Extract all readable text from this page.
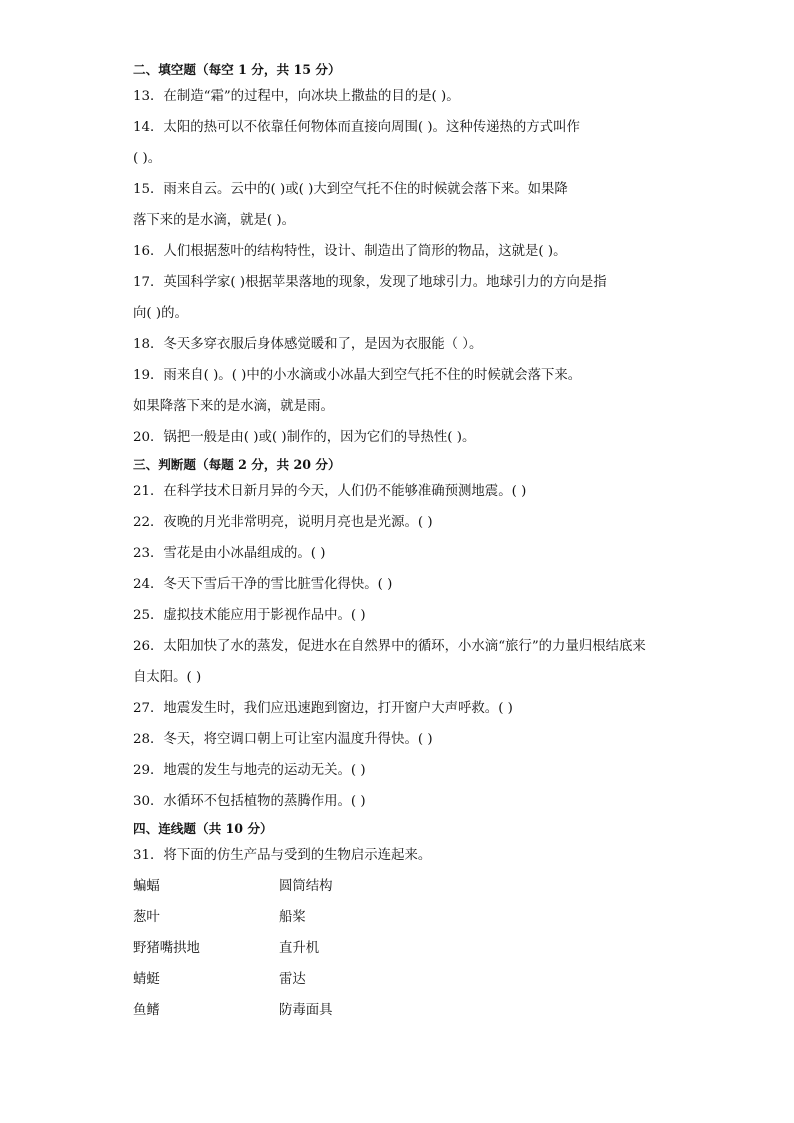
二、填空题（每空 1 分，共 15 分）
13．在制造“霜”的过程中，向冰块上撒盐的目的是( )。
14．太阳的热可以不依靠任何物体而直接向周围( )。这种传递热的方式叫作
( )。
15．雨来自云。云中的( )或( )大到空气托不住的时候就会落下来。如果降
落下来的是水滴，就是( )。
16．人们根据葱叶的结构特性，设计、制造出了筒形的物品，这就是( )。
17．英国科学家( )根据苹果落地的现象，发现了地球引力。地球引力的方向是指
向( )的。
18．冬天多穿衣服后身体感觉暖和了，是因为衣服能（ ）。
19．雨来自( )。( )中的小水滴或小冰晶大到空气托不住的时候就会落下来。
如果降落下来的是水滴，就是雨。
20．锅把一般是由( )或( )制作的，因为它们的导热性( )。
三、判断题（每题 2 分，共 20 分）
21．在科学技术日新月异的今天，人们仍不能够准确预测地震。( )
22．夜晚的月光非常明亮，说明月亮也是光源。( )
23．雪花是由小冰晶组成的。( )
24．冬天下雪后干净的雪比脏雪化得快。( )
25．虚拟技术能应用于影视作品中。( )
26．太阳加快了水的蒸发，促进水在自然界中的循环，小水滴“旅行”的力量归根结底来
自太阳。( )
27．地震发生时，我们应迅速跑到窗边，打开窗户大声呼救。( )
28．冬天，将空调口朝上可让室内温度升得快。( )
29．地震的发生与地壳的运动无关。( )
30．水循环不包括植物的蒸腾作用。( )
四、连线题（共 10 分）
31．将下面的仿生产品与受到的生物启示连起来。
蝙蝠	圆筒结构
葱叶	船桨
野猪嘴拱地	直升机
蜻蜓	雷达
鱼鳍	防毒面具
